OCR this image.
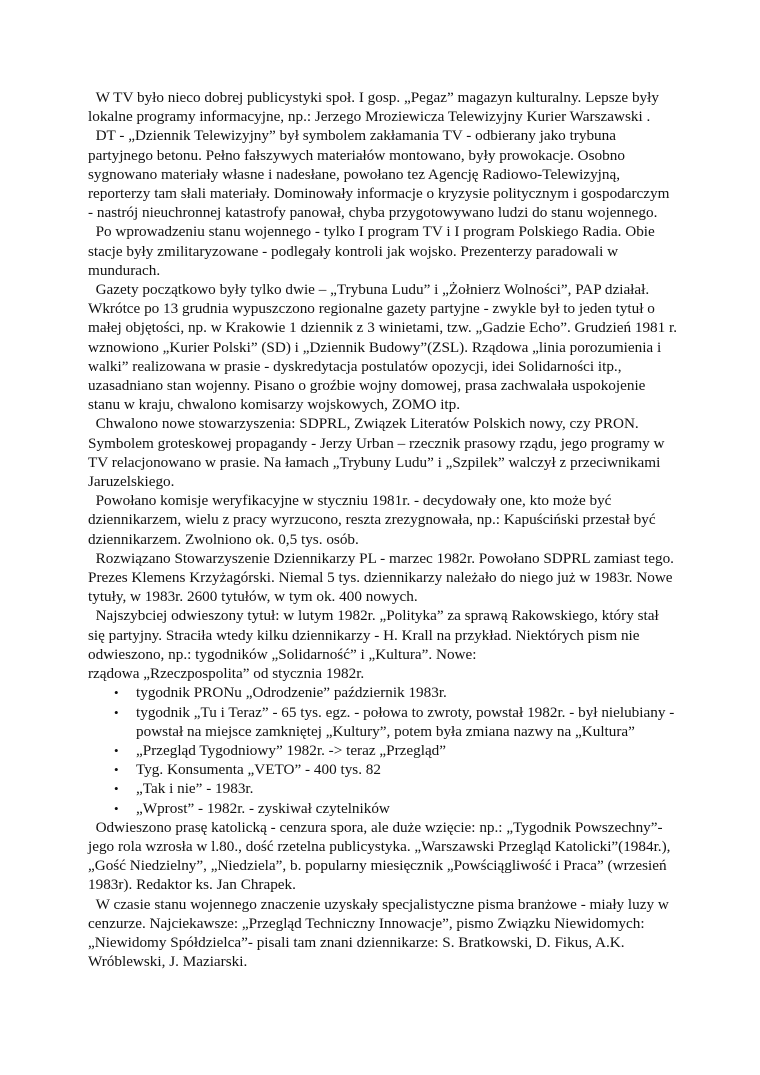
W TV było nieco dobrej publicystyki społ. I gosp. „Pegaz” magazyn kulturalny. Lepsze były lokalne programy informacyjne, np.: Jerzego Mroziewicza Telewizyjny Kurier Warszawski .

DT - „Dziennik Telewizyjny” był symbolem zakłamania TV - odbierany jako trybuna partyjnego betonu. Pełno fałszywych materiałów montowano, były prowokacje. Osobno sygnowano materiały własne i nadesłane, powołano tez Agencję Radiowo-Telewizyjną, reporterzy tam słali materiały. Dominowały informacje o kryzysie politycznym i gospodarczym - nastrój nieuchronnej katastrofy panował, chyba przygotowywano ludzi do stanu wojennego.

Po wprowadzeniu stanu wojennego - tylko I program TV i I program Polskiego Radia. Obie stacje były zmilitaryzowane - podlegały kontroli jak wojsko. Prezenterzy paradowali w mundurach.

Gazety początkowo były tylko dwie – „Trybuna Ludu” i „Żołnierz Wolności”, PAP działał. Wkrótce po 13 grudnia wypuszczono regionalne gazety partyjne - zwykle był to jeden tytuł o małej objętości, np. w Krakowie 1 dziennik z 3 winietami, tzw. „Gadzie Echo”. Grudzień 1981 r. wznowiono „Kurier Polski” (SD) i „Dziennik Budowy”(ZSL). Rządowa „linia porozumienia i walki” realizowana w prasie - dyskredytacja postulatów opozycji, idei Solidarności itp., uzasadniano stan wojenny. Pisano o groźbie wojny domowej, prasa zachwalała uspokojenie stanu w kraju, chwalono komisarzy wojskowych, ZOMO itp.

Chwalono nowe stowarzyszenia: SDPRL, Związek Literatów Polskich nowy, czy PRON. Symbolem groteskowej propagandy - Jerzy Urban – rzecznik prasowy rządu, jego programy w TV relacjonowano w prasie. Na łamach „Trybuny Ludu” i „Szpilek” walczył z przeciwnikami Jaruzelskiego.

Powołano komisje weryfikacyjne w styczniu 1981r. - decydowały one, kto może być dziennikarzem, wielu z pracy wyrzucono, reszta zrezygnowała, np.: Kapuściński przestał być dziennikarzem. Zwolniono ok. 0,5 tys. osób.

Rozwiązano Stowarzyszenie Dziennikarzy PL - marzec 1982r. Powołano SDPRL zamiast tego. Prezes Klemens Krzyżagórski. Niemal 5 tys. dziennikarzy należało do niego już w 1983r. Nowe tytuły, w 1983r. 2600 tytułów, w tym ok. 400 nowych.

Najszybciej odwieszony tytuł: w lutym 1982r. „Polityka” za sprawą Rakowskiego, który stał się partyjny. Straciła wtedy kilku dziennikarzy - H. Krall na przykład. Niektórych pism nie odwieszono, np.: tygodników „Solidarność” i „Kultura”. Nowe:

rządowa „Rzeczpospolita” od stycznia 1982r.

• tygodnik PRONu „Odrodzenie” październik 1983r.
• tygodnik „Tu i Teraz” - 65 tys. egz. - połowa to zwroty, powstał 1982r. - był nielubiany - powstał na miejsce zamkniętej „Kultury”, potem była zmiana nazwy na „Kultura”
• „Przegląd Tygodniowy” 1982r. -> teraz „Przegląd”
• Tyg. Konsumenta „VETO” - 400 tys. 82
• „Tak i nie” - 1983r.
• „Wprost” - 1982r. - zyskiwał czytelników

Odwieszono prasę katolicką - cenzura spora, ale duże wzięcie: np.: „Tygodnik Powszechny”- jego rola wzrosła w l.80., dość rzetelna publicystyka. „Warszawski Przegląd Katolicki”(1984r.), „Gość Niedzielny”, „Niedziela”, b. popularny miesięcznik „Powściągliwość i Praca” (wrzesień 1983r). Redaktor ks. Jan Chrapek.

W czasie stanu wojennego znaczenie uzyskały specjalistyczne pisma branżowe - miały luzy w cenzurze. Najciekawsze: „Przegląd Techniczny Innowacje”, pismo Związku Niewidomych: „Niewidomy Spółdzielca”- pisali tam znani dziennikarze: S. Bratkowski, D. Fikus, A.K. Wróblewski, J. Maziarski.
